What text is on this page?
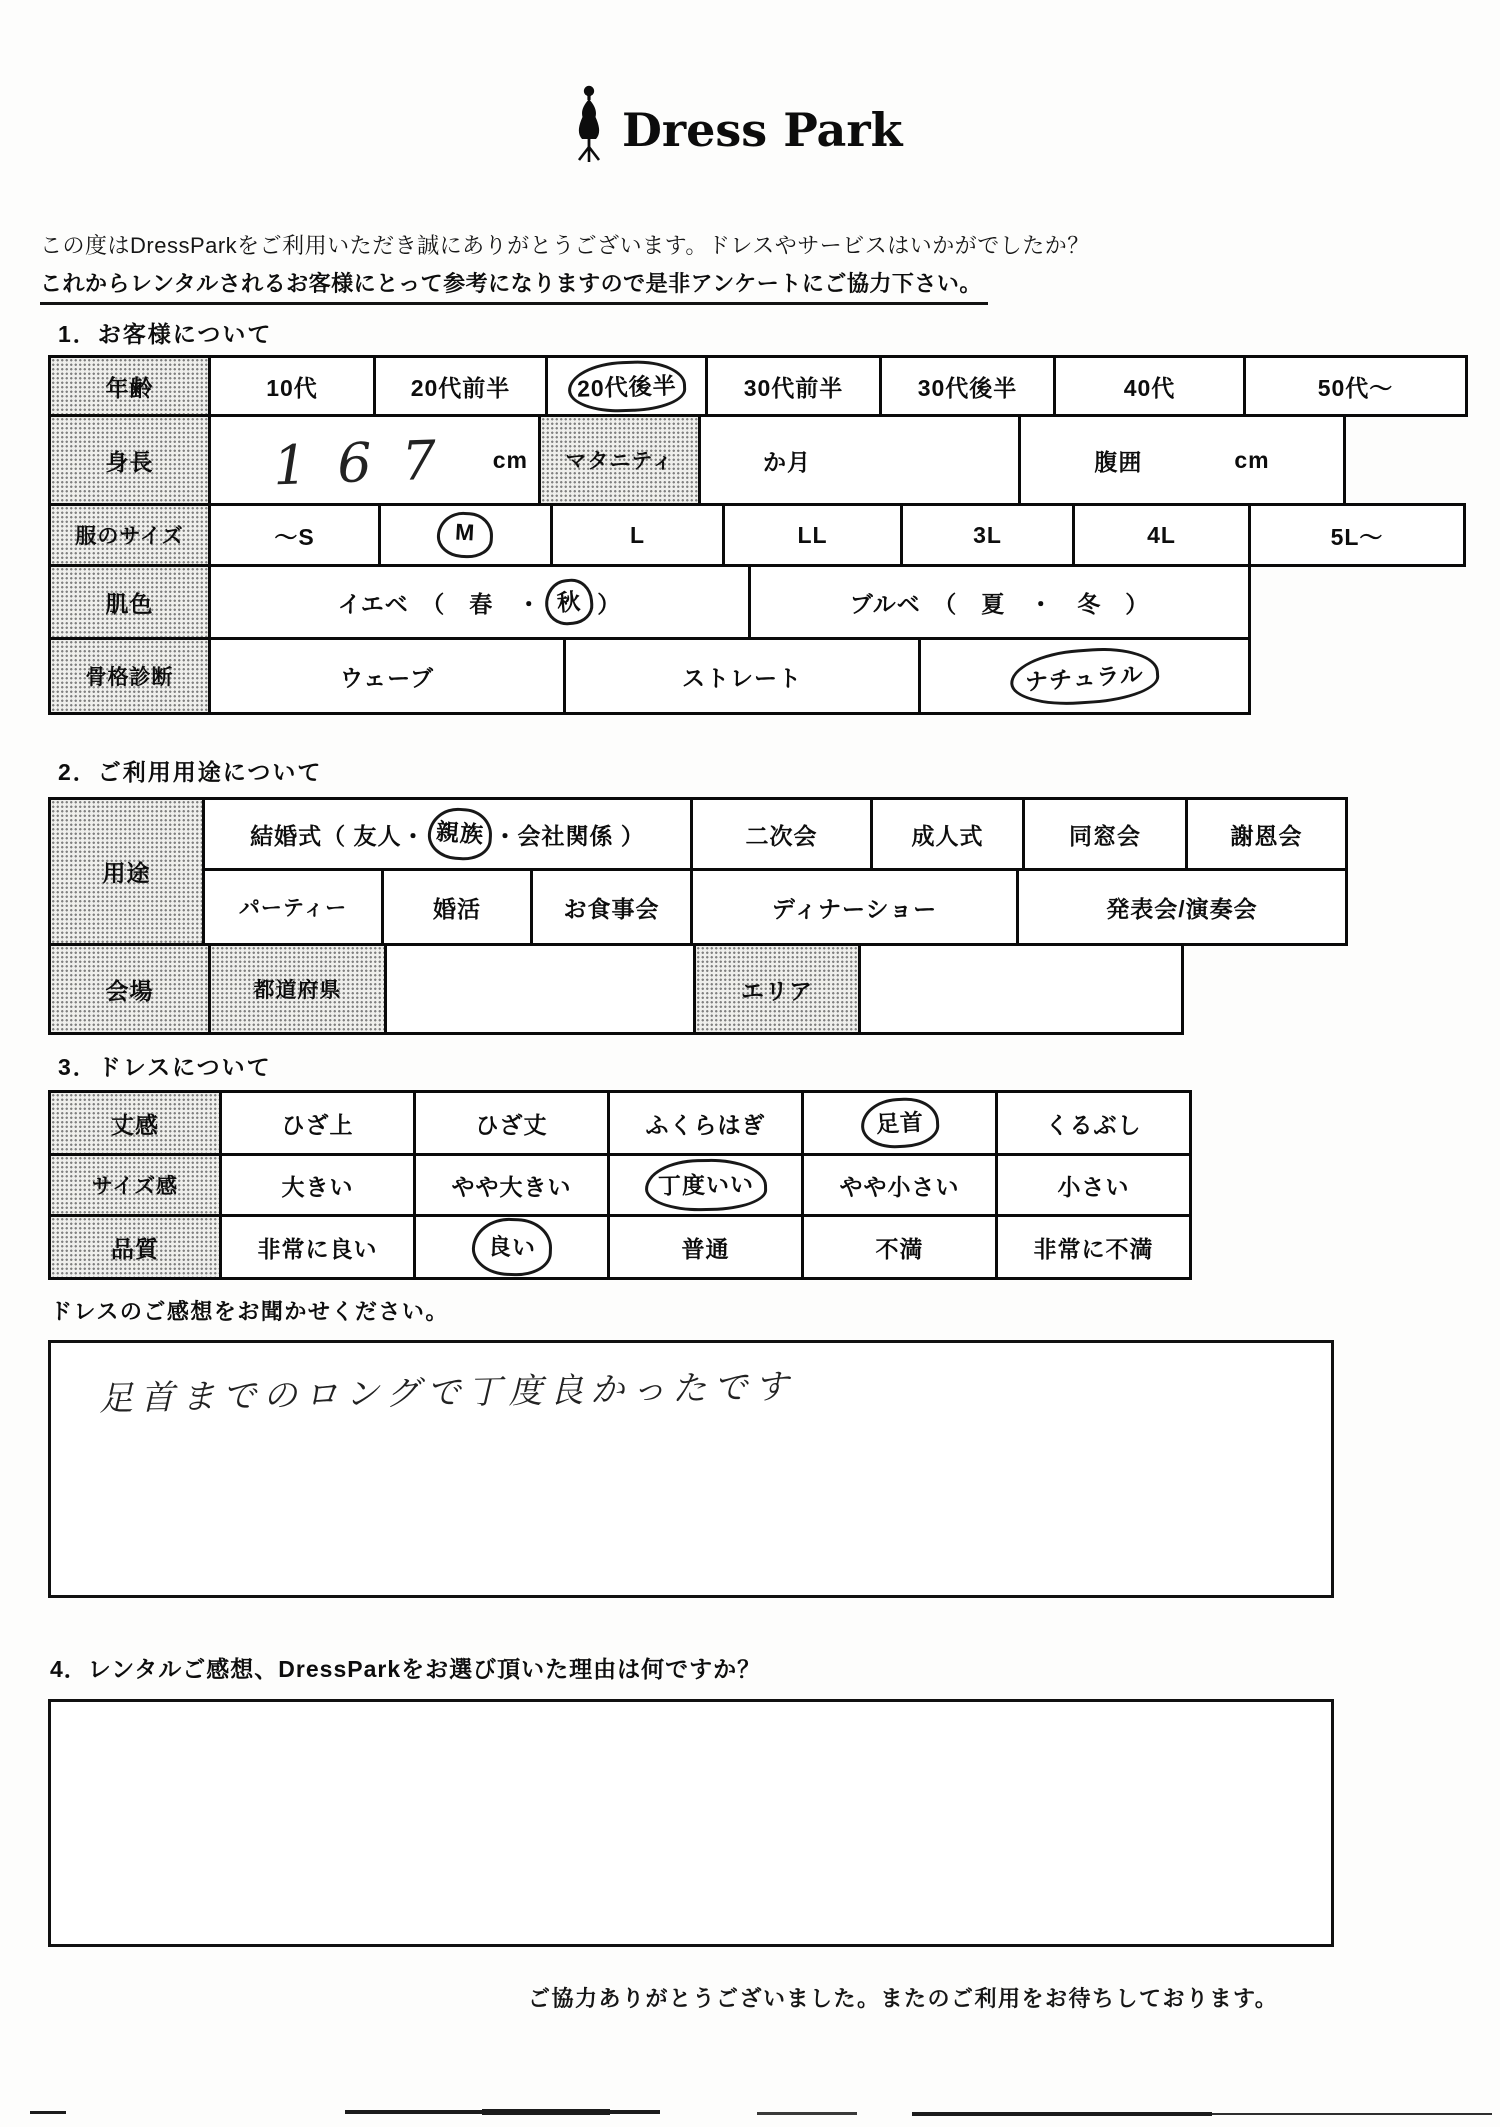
Dress Park
この度はDressParkをご利用いただき誠にありがとうございます。ドレスやサービスはいかがでしたか？
これからレンタルされるお客様にとって参考になりますので是非アンケートにご協力下さい。
1．お客様について
年齢	10代	20代前半	20代後半	30代前半	30代後半	40代	50代～
身長	167 cm	マタニティ	か月	腹囲	cm
服のサイズ	～S	M	L	LL	3L	4L	5L～
肌色	イエベ　（　春　・ 秋 ）	ブルベ　（　夏　・　冬　）
骨格診断	ウェーブ	ストレート	ナチュラル
2．ご利用用途について
用途
結婚式（ 友人・ 親族 ・会社関係 ）	二次会	成人式	同窓会	謝恩会
パーティー	婚活	お食事会	ディナーショー	発表会/演奏会
会場	都道府県	エリア
3．ドレスについて
丈感	ひざ上	ひざ丈	ふくらはぎ	足首	くるぶし
サイズ感	大きい	やや大きい	丁度いい	やや小さい	小さい
品質	非常に良い	良い	普通	不満	非常に不満
ドレスのご感想をお聞かせください。
足首までのロングで丁度良かったです
4．レンタルご感想、DressParkをお選び頂いた理由は何ですか？
ご協力ありがとうございました。またのご利用をお待ちしております。
